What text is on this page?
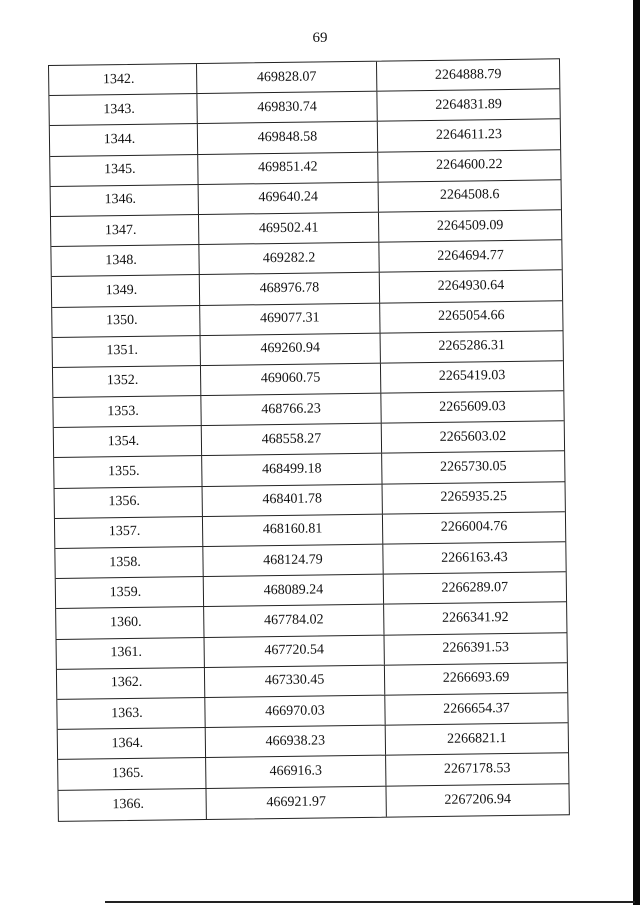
69
1342.	469828.07	2264888.79
1343.	469830.74	2264831.89
1344.	469848.58	2264611.23
1345.	469851.42	2264600.22
1346.	469640.24	2264508.6
1347.	469502.41	2264509.09
1348.	469282.2	2264694.77
1349.	468976.78	2264930.64
1350.	469077.31	2265054.66
1351.	469260.94	2265286.31
1352.	469060.75	2265419.03
1353.	468766.23	2265609.03
1354.	468558.27	2265603.02
1355.	468499.18	2265730.05
1356.	468401.78	2265935.25
1357.	468160.81	2266004.76
1358.	468124.79	2266163.43
1359.	468089.24	2266289.07
1360.	467784.02	2266341.92
1361.	467720.54	2266391.53
1362.	467330.45	2266693.69
1363.	466970.03	2266654.37
1364.	466938.23	2266821.1
1365.	466916.3	2267178.53
1366.	466921.97	2267206.94
